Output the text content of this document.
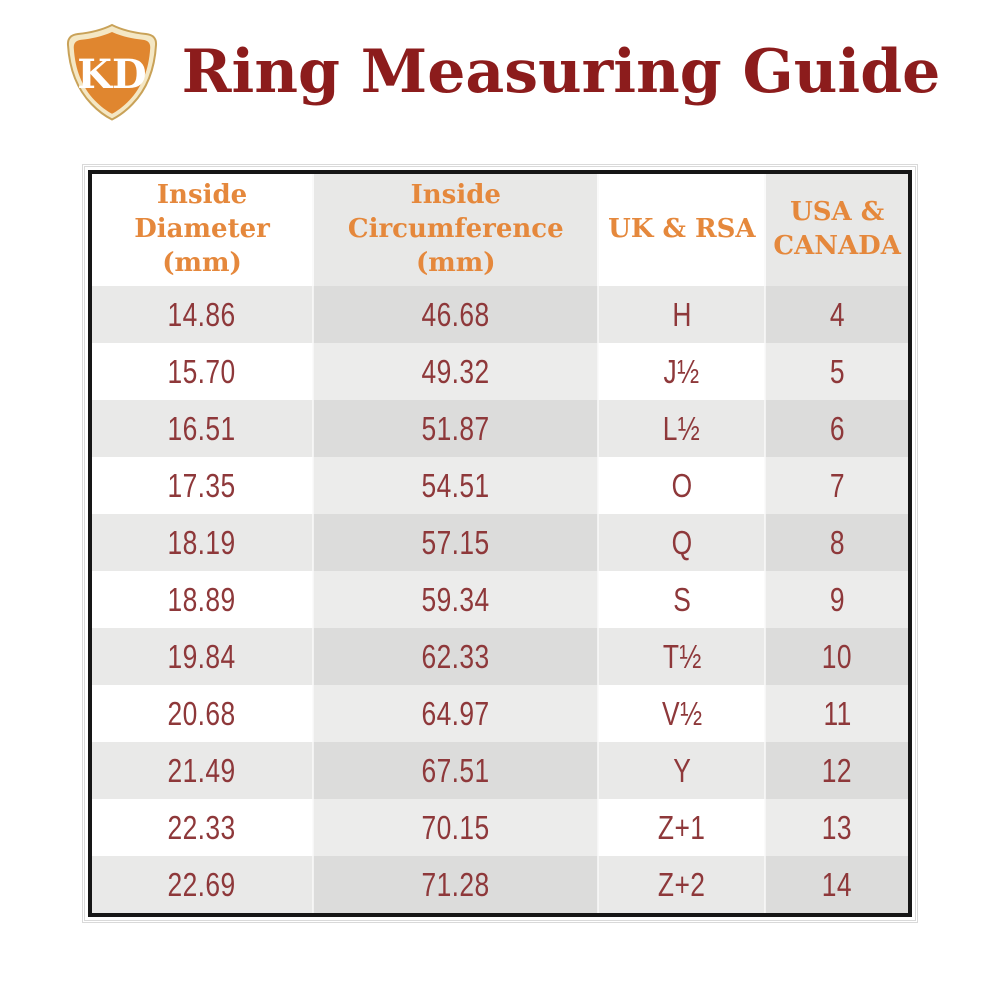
KD Ring Measuring Guide
Inside Diameter (mm)	Inside Circumference (mm)	UK & RSA	USA & CANADA
14.86	46.68	H	4
15.70	49.32	J½	5
16.51	51.87	L½	6
17.35	54.51	O	7
18.19	57.15	Q	8
18.89	59.34	S	9
19.84	62.33	T½	10
20.68	64.97	V½	11
21.49	67.51	Y	12
22.33	70.15	Z+1	13
22.69	71.28	Z+2	14
